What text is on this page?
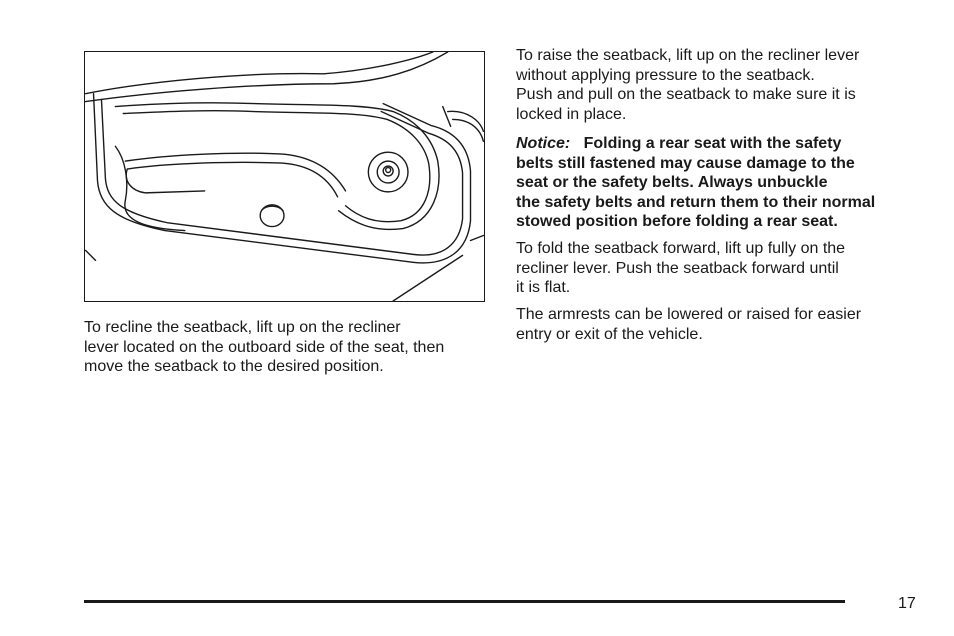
To recline the seatback, lift up on the recliner
lever located on the outboard side of the seat, then
move the seatback to the desired position.

To raise the seatback, lift up on the recliner lever
without applying pressure to the seatback.
Push and pull on the seatback to make sure it is
locked in place.

Notice: Folding a rear seat with the safety
belts still fastened may cause damage to the
seat or the safety belts. Always unbuckle
the safety belts and return them to their normal
stowed position before folding a rear seat.

To fold the seatback forward, lift up fully on the
recliner lever. Push the seatback forward until
it is flat.

The armrests can be lowered or raised for easier
entry or exit of the vehicle.

17
